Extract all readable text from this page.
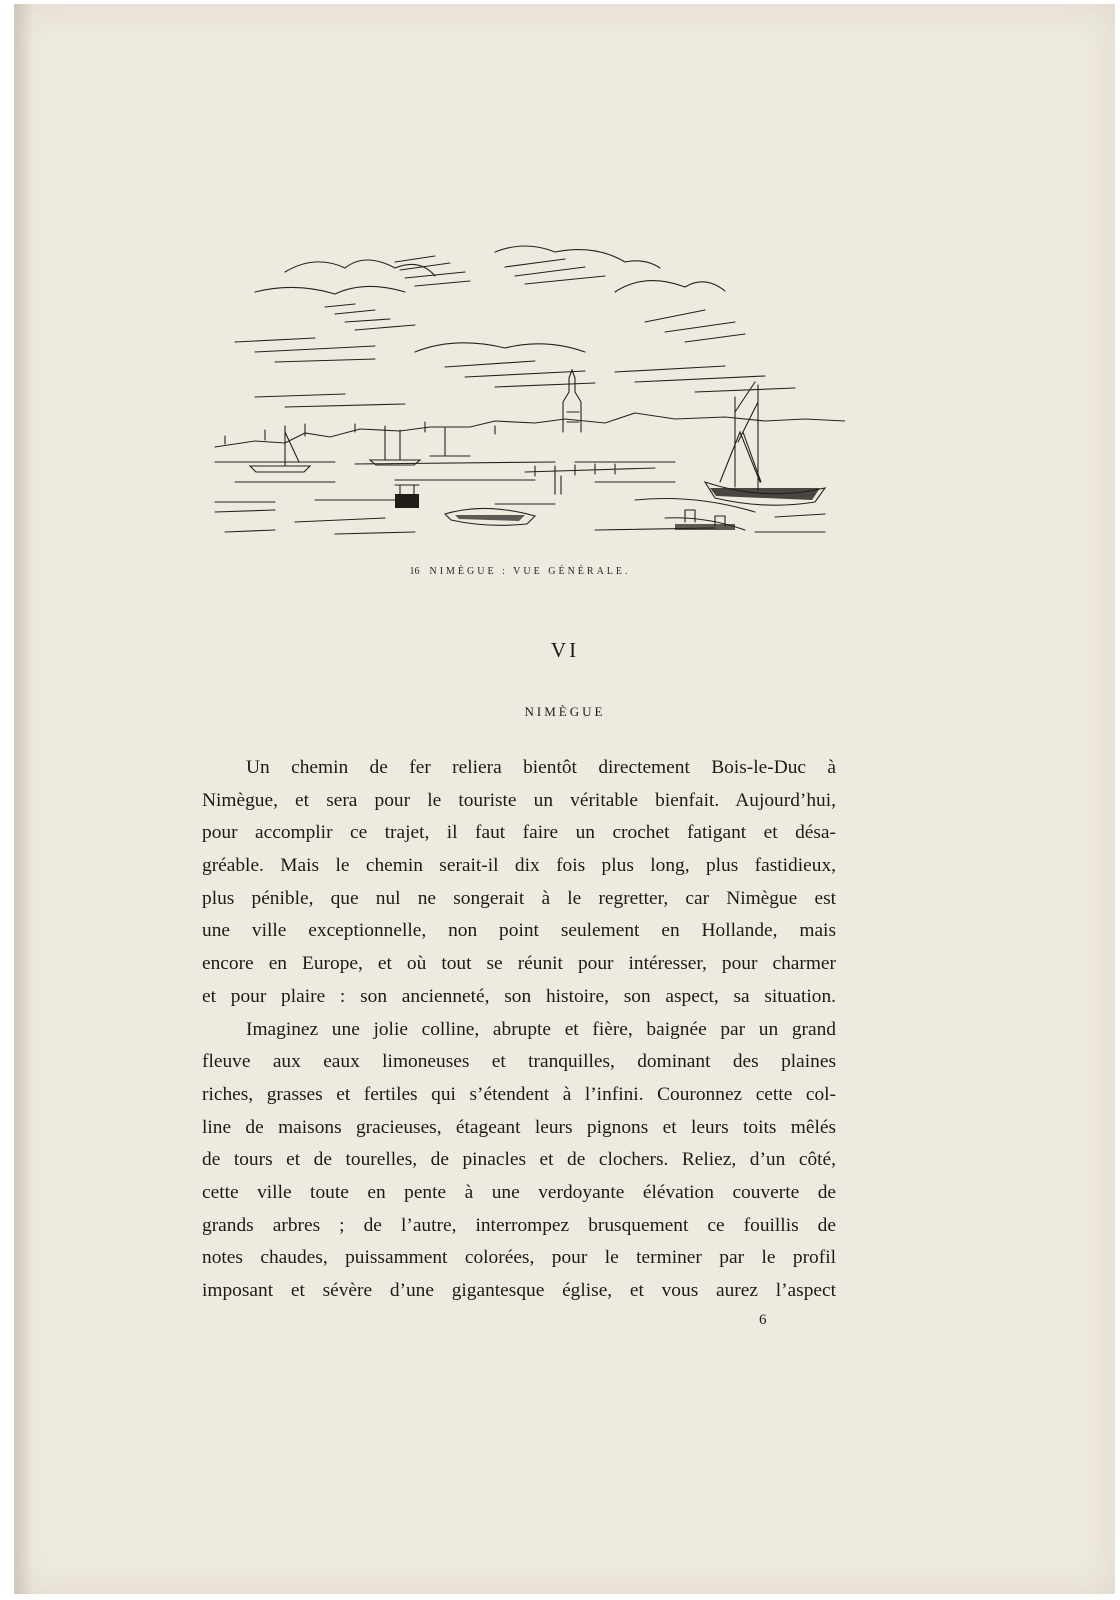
16 NIMÈGUE : VUE GÉNÉRALE.
VI
NIMÈGUE
Un chemin de fer reliera bientôt directement Bois-le-Duc à
Nimègue, et sera pour le touriste un véritable bienfait. Aujourd’hui,
pour accomplir ce trajet, il faut faire un crochet fatigant et désa-
gréable. Mais le chemin serait-il dix fois plus long, plus fastidieux,
plus pénible, que nul ne songerait à le regretter, car Nimègue est
une ville exceptionnelle, non point seulement en Hollande, mais
encore en Europe, et où tout se réunit pour intéresser, pour charmer
et pour plaire : son ancienneté, son histoire, son aspect, sa situation.
Imaginez une jolie colline, abrupte et fière, baignée par un grand
fleuve aux eaux limoneuses et tranquilles, dominant des plaines
riches, grasses et fertiles qui s’étendent à l’infini. Couronnez cette col-
line de maisons gracieuses, étageant leurs pignons et leurs toits mêlés
de tours et de tourelles, de pinacles et de clochers. Reliez, d’un côté,
cette ville toute en pente à une verdoyante élévation couverte de
grands arbres ; de l’autre, interrompez brusquement ce fouillis de
notes chaudes, puissamment colorées, pour le terminer par le profil
imposant et sévère d’une gigantesque église, et vous aurez l’aspect
6
